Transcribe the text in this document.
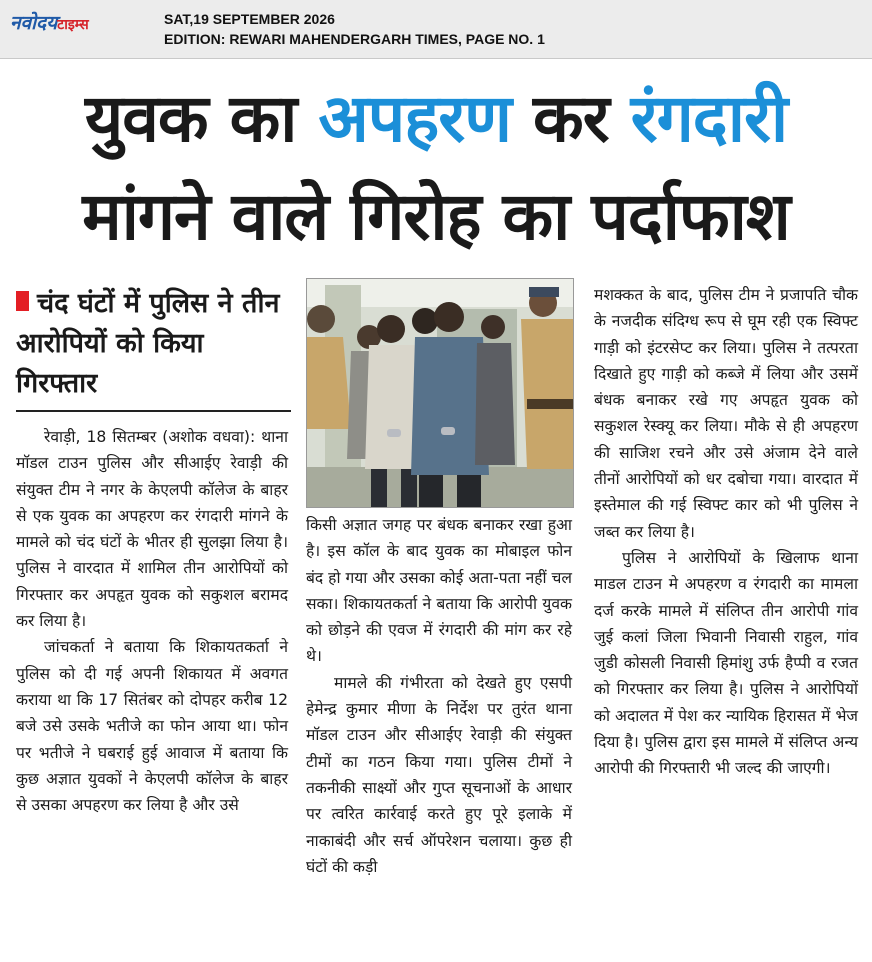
नवोदयटाइम्स	SAT,19 SEPTEMBER 2026
EDITION: REWARI MAHENDERGARH TIMES, PAGE NO. 1
युवक का अपहरण कर रंगदारी
मांगने वाले गिरोह का पर्दाफाश
चंद घंटों में पुलिस ने तीन आरोपियों को किया गिरफ्तार

रेवाड़ी, 18 सितम्बर (अशोक वधवा): थाना मॉडल टाउन पुलिस और सीआईए रेवाड़ी की संयुक्त टीम ने नगर के केएलपी कॉलेज के बाहर से एक युवक का अपहरण कर रंगदारी मांगने के मामले को चंद घंटों के भीतर ही सुलझा लिया है। पुलिस ने वारदात में शामिल तीन आरोपियों को गिरफ्तार कर अपहृत युवक को सकुशल बरामद कर लिया है।

जांचकर्ता ने बताया कि शिकायतकर्ता ने पुलिस को दी गई अपनी शिकायत में अवगत कराया था कि 17 सितंबर को दोपहर करीब 12 बजे उसे उसके भतीजे का फोन आया था। फोन पर भतीजे ने घबराई हुई आवाज में बताया कि कुछ अज्ञात युवकों ने केएलपी कॉलेज के बाहर से उसका अपहरण कर लिया है और उसे

किसी अज्ञात जगह पर बंधक बनाकर रखा हुआ है। इस कॉल के बाद युवक का मोबाइल फोन बंद हो गया और उसका कोई अता-पता नहीं चल सका। शिकायतकर्ता ने बताया कि आरोपी युवक को छोड़ने की एवज में रंगदारी की मांग कर रहे थे।

मामले की गंभीरता को देखते हुए एसपी हेमेन्द्र कुमार मीणा के निर्देश पर तुरंत थाना मॉडल टाउन और सीआईए रेवाड़ी की संयुक्त टीमों का गठन किया गया। पुलिस टीमों ने तकनीकी साक्ष्यों और गुप्त सूचनाओं के आधार पर त्वरित कार्रवाई करते हुए पूरे इलाके में नाकाबंदी और सर्च ऑपरेशन चलाया। कुछ ही घंटों की कड़ी

मशक्कत के बाद, पुलिस टीम ने प्रजापति चौक के नजदीक संदिग्ध रूप से घूम रही एक स्विफ्ट गाड़ी को इंटरसेप्ट कर लिया। पुलिस ने तत्परता दिखाते हुए गाड़ी को कब्जे में लिया और उसमें बंधक बनाकर रखे गए अपहृत युवक को सकुशल रेस्क्यू कर लिया। मौके से ही अपहरण की साजिश रचने और उसे अंजाम देने वाले तीनों आरोपियों को धर दबोचा गया। वारदात में इस्तेमाल की गई स्विफ्ट कार को भी पुलिस ने जब्त कर लिया है।

पुलिस ने आरोपियों के खिलाफ थाना माडल टाउन मे अपहरण व रंगदारी का मामला दर्ज करके मामले में संलिप्त तीन आरोपी गांव जुई कलां जिला भिवानी निवासी राहुल, गांव जुडी कोसली निवासी हिमांशु उर्फ हैप्पी व रजत को गिरफ्तार कर लिया है। पुलिस ने आरोपियों को अदालत में पेश कर न्यायिक हिरासत में भेज दिया है। पुलिस द्वारा इस मामले में संलिप्त अन्य आरोपी की गिरफ्तारी भी जल्द की जाएगी।
